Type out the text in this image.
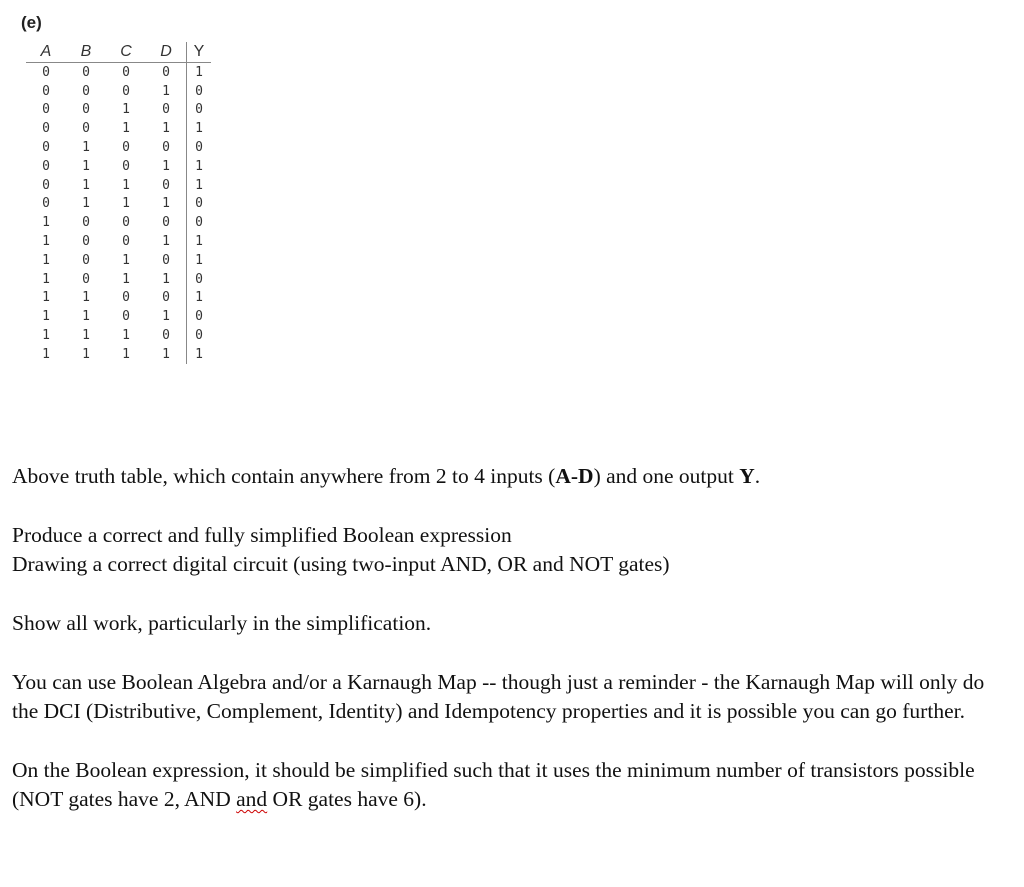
(e)
A	B	C	D	Y
0	0	0	0	1
0	0	0	1	0
0	0	1	0	0
0	0	1	1	1
0	1	0	0	0
0	1	0	1	1
0	1	1	0	1
0	1	1	1	0
1	0	0	0	0
1	0	0	1	1
1	0	1	0	1
1	0	1	1	0
1	1	0	0	1
1	1	0	1	0
1	1	1	0	0
1	1	1	1	1

Above truth table, which contain anywhere from 2 to 4 inputs (A-D) and one output Y.

Produce a correct and fully simplified Boolean expression

Drawing a correct digital circuit (using two-input AND, OR and NOT gates)

Show all work, particularly in the simplification.

You can use Boolean Algebra and/or a Karnaugh Map -- though just a reminder - the Karnaugh Map will only do the DCI (Distributive, Complement, Identity) and Idempotency properties and it is possible you can go further.

On the Boolean expression, it should be simplified such that it uses the minimum number of transistors possible (NOT gates have 2, AND and OR gates have 6).
